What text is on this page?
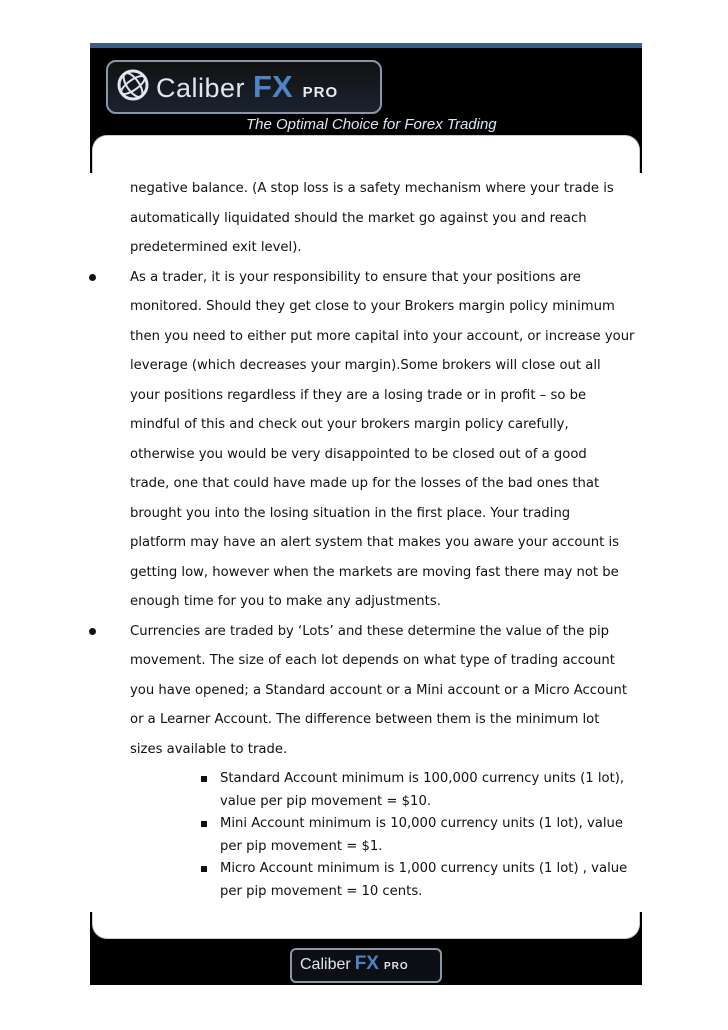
Caliber FX PRO
The Optimal Choice for Forex Trading
negative balance. (A stop loss is a safety mechanism where your trade is
automatically liquidated should the market go against you and reach
predetermined exit level).
As a trader, it is your responsibility to ensure that your positions are
monitored. Should they get close to your Brokers margin policy minimum
then you need to either put more capital into your account, or increase your
leverage (which decreases your margin).Some brokers will close out all
your positions regardless if they are a losing trade or in profit – so be
mindful of this and check out your brokers margin policy carefully,
otherwise you would be very disappointed to be closed out of a good
trade, one that could have made up for the losses of the bad ones that
brought you into the losing situation in the first place. Your trading
platform may have an alert system that makes you aware your account is
getting low, however when the markets are moving fast there may not be
enough time for you to make any adjustments.
Currencies are traded by ‘Lots’ and these determine the value of the pip
movement. The size of each lot depends on what type of trading account
you have opened; a Standard account or a Mini account or a Micro Account
or a Learner Account. The difference between them is the minimum lot
sizes available to trade.
Standard Account minimum is 100,000 currency units (1 lot),
value per pip movement = $10.
Mini Account minimum is 10,000 currency units (1 lot), value
per pip movement = $1.
Micro Account minimum is 1,000 currency units (1 lot) , value
per pip movement = 10 cents.
Caliber FX PRO
